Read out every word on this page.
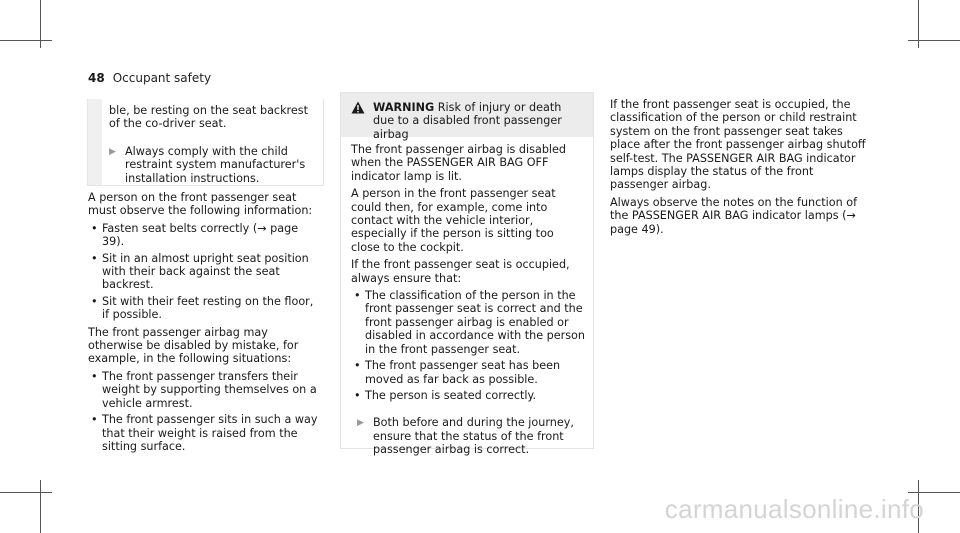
48 Occupant safety

ble, be resting on the seat backrest of the co-driver seat.

▶ Always comply with the child restraint system manufacturer's installation instructions.

A person on the front passenger seat must observe the following information:

• Fasten seat belts correctly (→ page 39).
• Sit in an almost upright seat position with their back against the seat backrest.
• Sit with their feet resting on the floor, if possible.

The front passenger airbag may otherwise be disabled by mistake, for example, in the following situations:

• The front passenger transfers their weight by supporting themselves on a vehicle armrest.
• The front passenger sits in such a way that their weight is raised from the sitting surface.
WARNING Risk of injury or death due to a disabled front passenger airbag

The front passenger airbag is disabled when the PASSENGER AIR BAG OFF indicator lamp is lit.

A person in the front passenger seat could then, for example, come into contact with the vehicle interior, especially if the person is sitting too close to the cockpit.

If the front passenger seat is occupied, always ensure that:

• The classification of the person in the front passenger seat is correct and the front passenger airbag is enabled or disabled in accordance with the person in the front passenger seat.
• The front passenger seat has been moved as far back as possible.
• The person is seated correctly.
▶ Both before and during the journey, ensure that the status of the front passenger airbag is correct.

If the front passenger seat is occupied, the classification of the person or child restraint system on the front passenger seat takes place after the front passenger airbag shutoff self-test. The PASSENGER AIR BAG indicator lamps display the status of the front passenger airbag.

Always observe the notes on the function of the PASSENGER AIR BAG indicator lamps (→ page 49).

carmanualsonline.info
